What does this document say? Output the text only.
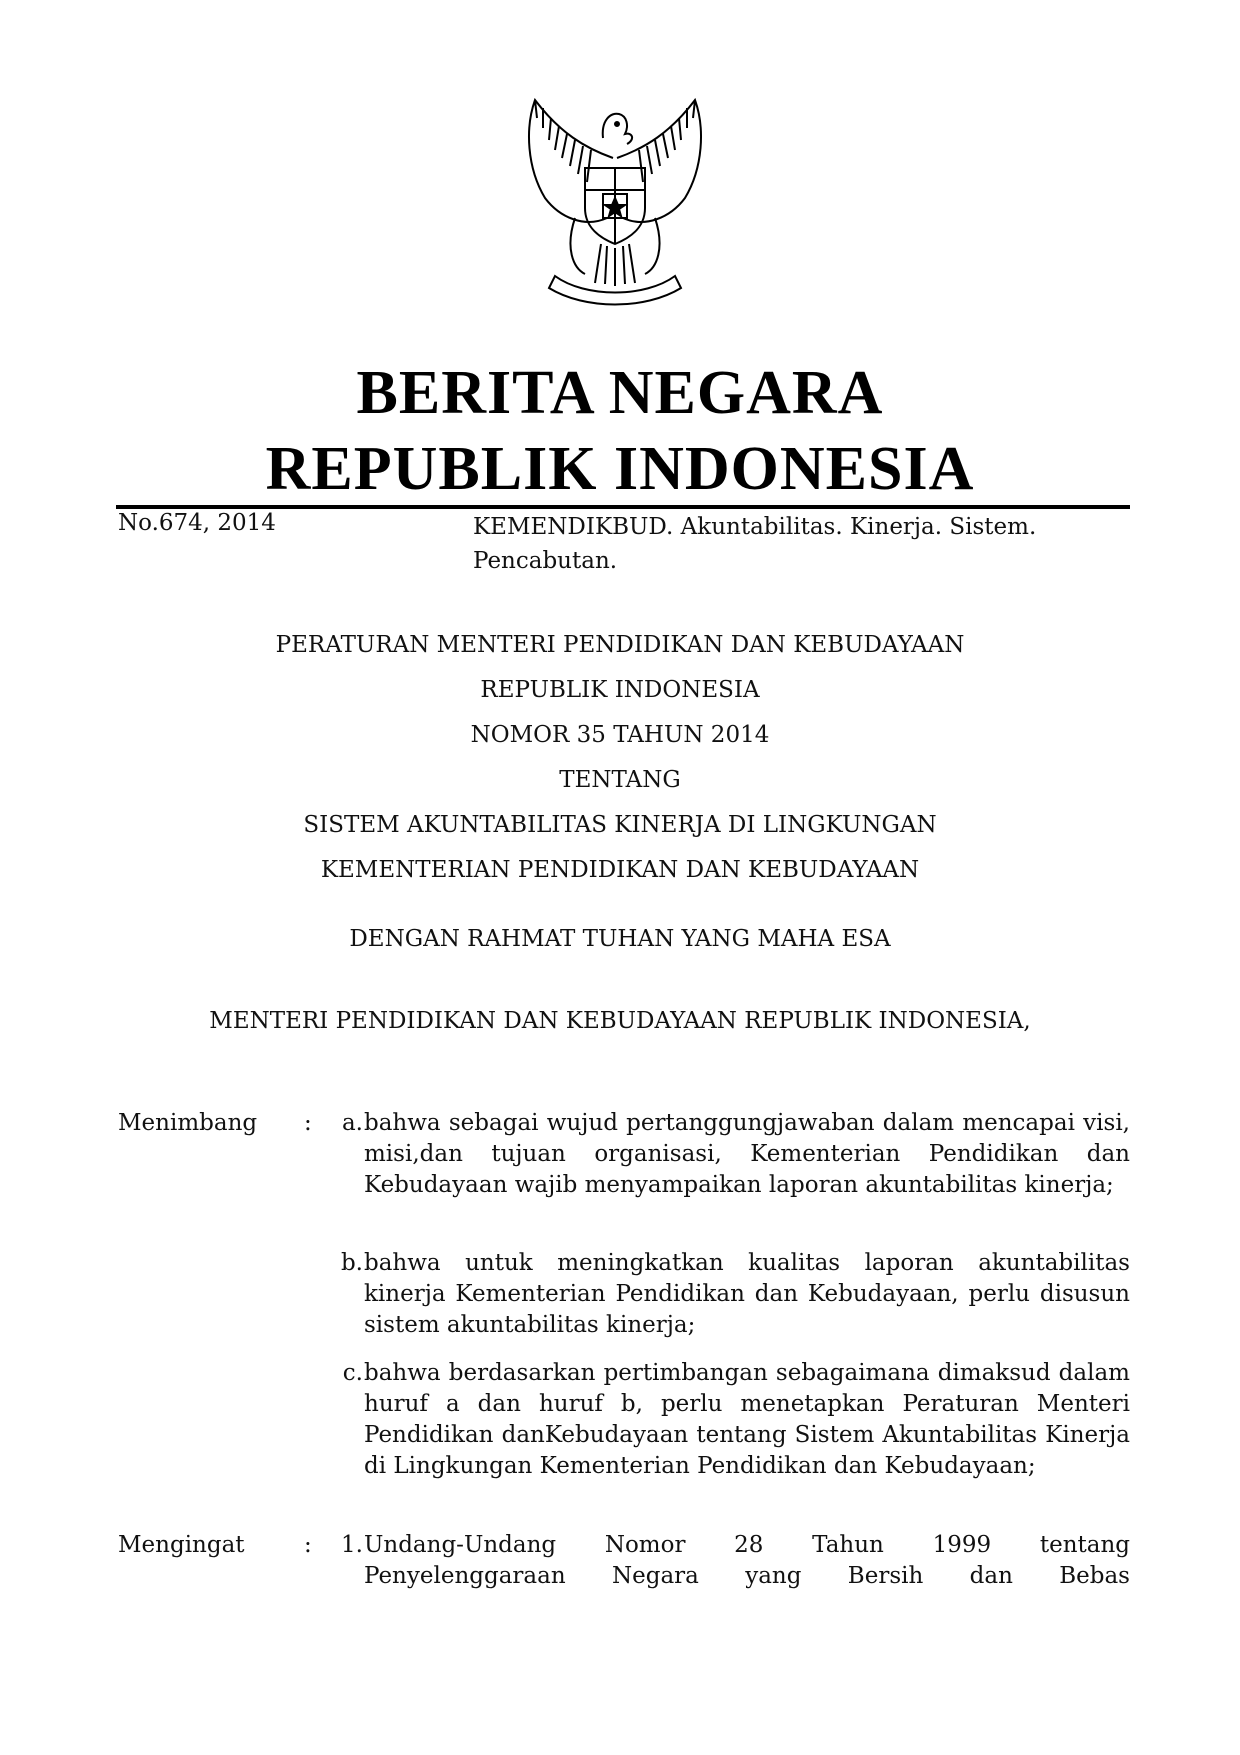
BERITA NEGARA
REPUBLIK INDONESIA
No.674, 2014	KEMENDIKBUD. Akuntabilitas. Kinerja. Sistem. Pencabutan.
PERATURAN MENTERI PENDIDIKAN DAN KEBUDAYAAN
REPUBLIK INDONESIA
NOMOR 35 TAHUN 2014
TENTANG
SISTEM AKUNTABILITAS KINERJA DI LINGKUNGAN
KEMENTERIAN PENDIDIKAN DAN KEBUDAYAAN
DENGAN RAHMAT TUHAN YANG MAHA ESA
MENTERI PENDIDIKAN DAN KEBUDAYAAN REPUBLIK INDONESIA,
Menimbang :	a. bahwa sebagai wujud pertanggungjawaban dalam mencapai visi, misi,dan tujuan organisasi, Kementerian Pendidikan dan Kebudayaan wajib menyampaikan laporan akuntabilitas kinerja;
b. bahwa untuk meningkatkan kualitas laporan akuntabilitas kinerja Kementerian Pendidikan dan Kebudayaan, perlu disusun sistem akuntabilitas kinerja;
c. bahwa berdasarkan pertimbangan sebagaimana dimaksud dalam huruf a dan huruf b, perlu menetapkan Peraturan Menteri Pendidikan danKebudayaan tentang Sistem Akuntabilitas Kinerja di Lingkungan Kementerian Pendidikan dan Kebudayaan;
Mengingat	:	1. Undang-Undang Nomor 28 Tahun 1999 tentang Penyelenggaraan Negara yang Bersih dan Bebas
